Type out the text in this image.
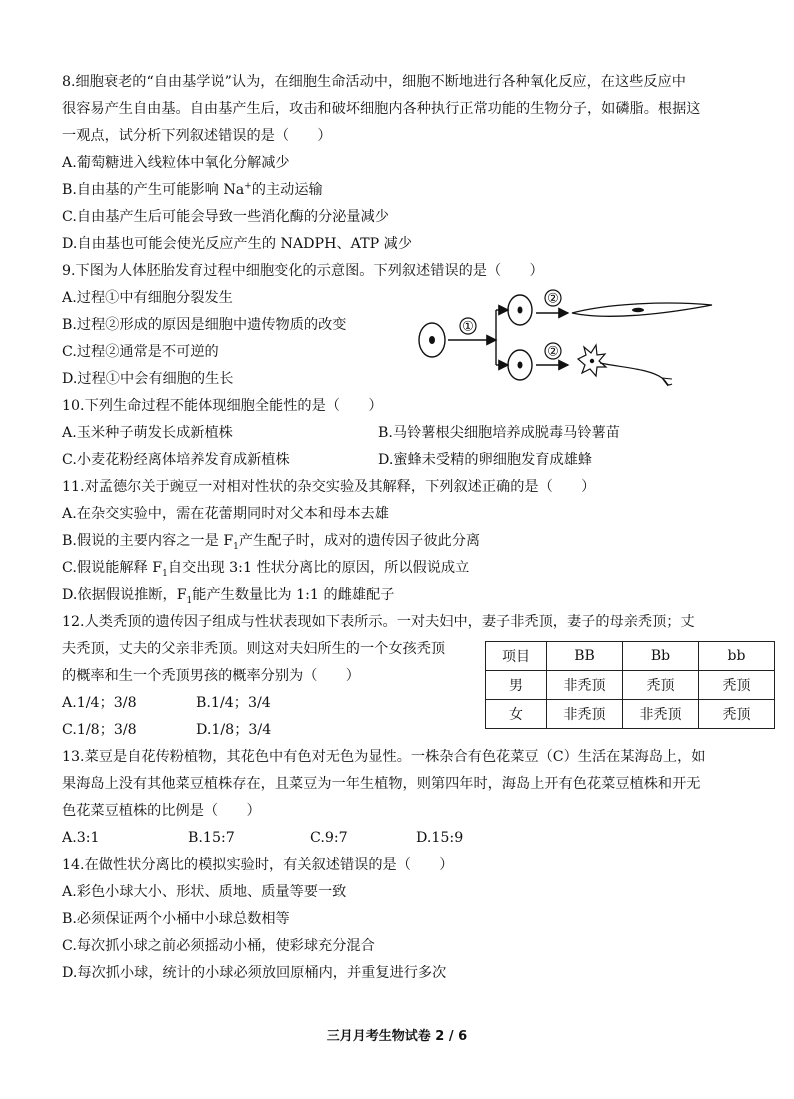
8.细胞衰老的“自由基学说”认为，在细胞生命活动中，细胞不断地进行各种氧化反应，在这些反应中
很容易产生自由基。自由基产生后，攻击和破坏细胞内各种执行正常功能的生物分子，如磷脂。根据这
一观点，试分析下列叙述错误的是（　　）
A.葡萄糖进入线粒体中氧化分解减少
B.自由基的产生可能影响 Na+的主动运输
C.自由基产生后可能会导致一些消化酶的分泌量减少
D.自由基也可能会使光反应产生的 NADPH、ATP 减少
9.下图为人体胚胎发育过程中细胞变化的示意图。下列叙述错误的是（　　）
A.过程①中有细胞分裂发生
B.过程②形成的原因是细胞中遗传物质的改变
C.过程②通常是不可逆的
D.过程①中会有细胞的生长
①
②
②
10.下列生命过程不能体现细胞全能性的是（　　）
A.玉米种子萌发长成新植株	B.马铃薯根尖细胞培养成脱毒马铃薯苗
C.小麦花粉经离体培养发育成新植株	D.蜜蜂未受精的卵细胞发育成雄蜂
11.对孟德尔关于豌豆一对相对性状的杂交实验及其解释，下列叙述正确的是（　　）
A.在杂交实验中，需在花蕾期同时对父本和母本去雄
B.假说的主要内容之一是 $F_1$产生配子时，成对的遗传因子彼此分离
C.假说能解释 $F_1$自交出现 3:1 性状分离比的原因，所以假说成立
D.依据假说推断，$F_1$能产生数量比为 1:1 的雌雄配子
12.人类秃顶的遗传因子组成与性状表现如下表所示。一对夫妇中，妻子非秃顶，妻子的母亲秃顶；丈
夫秃顶，丈夫的父亲非秃顶。则这对夫妇所生的一个女孩秃顶
的概率和生一个秃顶男孩的概率分别为（　　）
A.1/4；3/8	B.1/4；3/4
C.1/8；3/8	D.1/8；3/4
项目	BB	Bb	bb
男	非秃顶	秃顶	秃顶
女	非秃顶	非秃顶	秃顶
13.菜豆是自花传粉植物，其花色中有色对无色为显性。一株杂合有色花菜豆（C）生活在某海岛上，如
果海岛上没有其他菜豆植株存在，且菜豆为一年生植物，则第四年时，海岛上开有色花菜豆植株和开无
色花菜豆植株的比例是（　　）
A.3:1	B.15:7	C.9:7	D.15:9
14.在做性状分离比的模拟实验时，有关叙述错误的是（　　）
A.彩色小球大小、形状、质地、质量等要一致
B.必须保证两个小桶中小球总数相等
C.每次抓小球之前必须摇动小桶，使彩球充分混合
D.每次抓小球，统计的小球必须放回原桶内，并重复进行多次
三月月考生物试卷 2 / 6
